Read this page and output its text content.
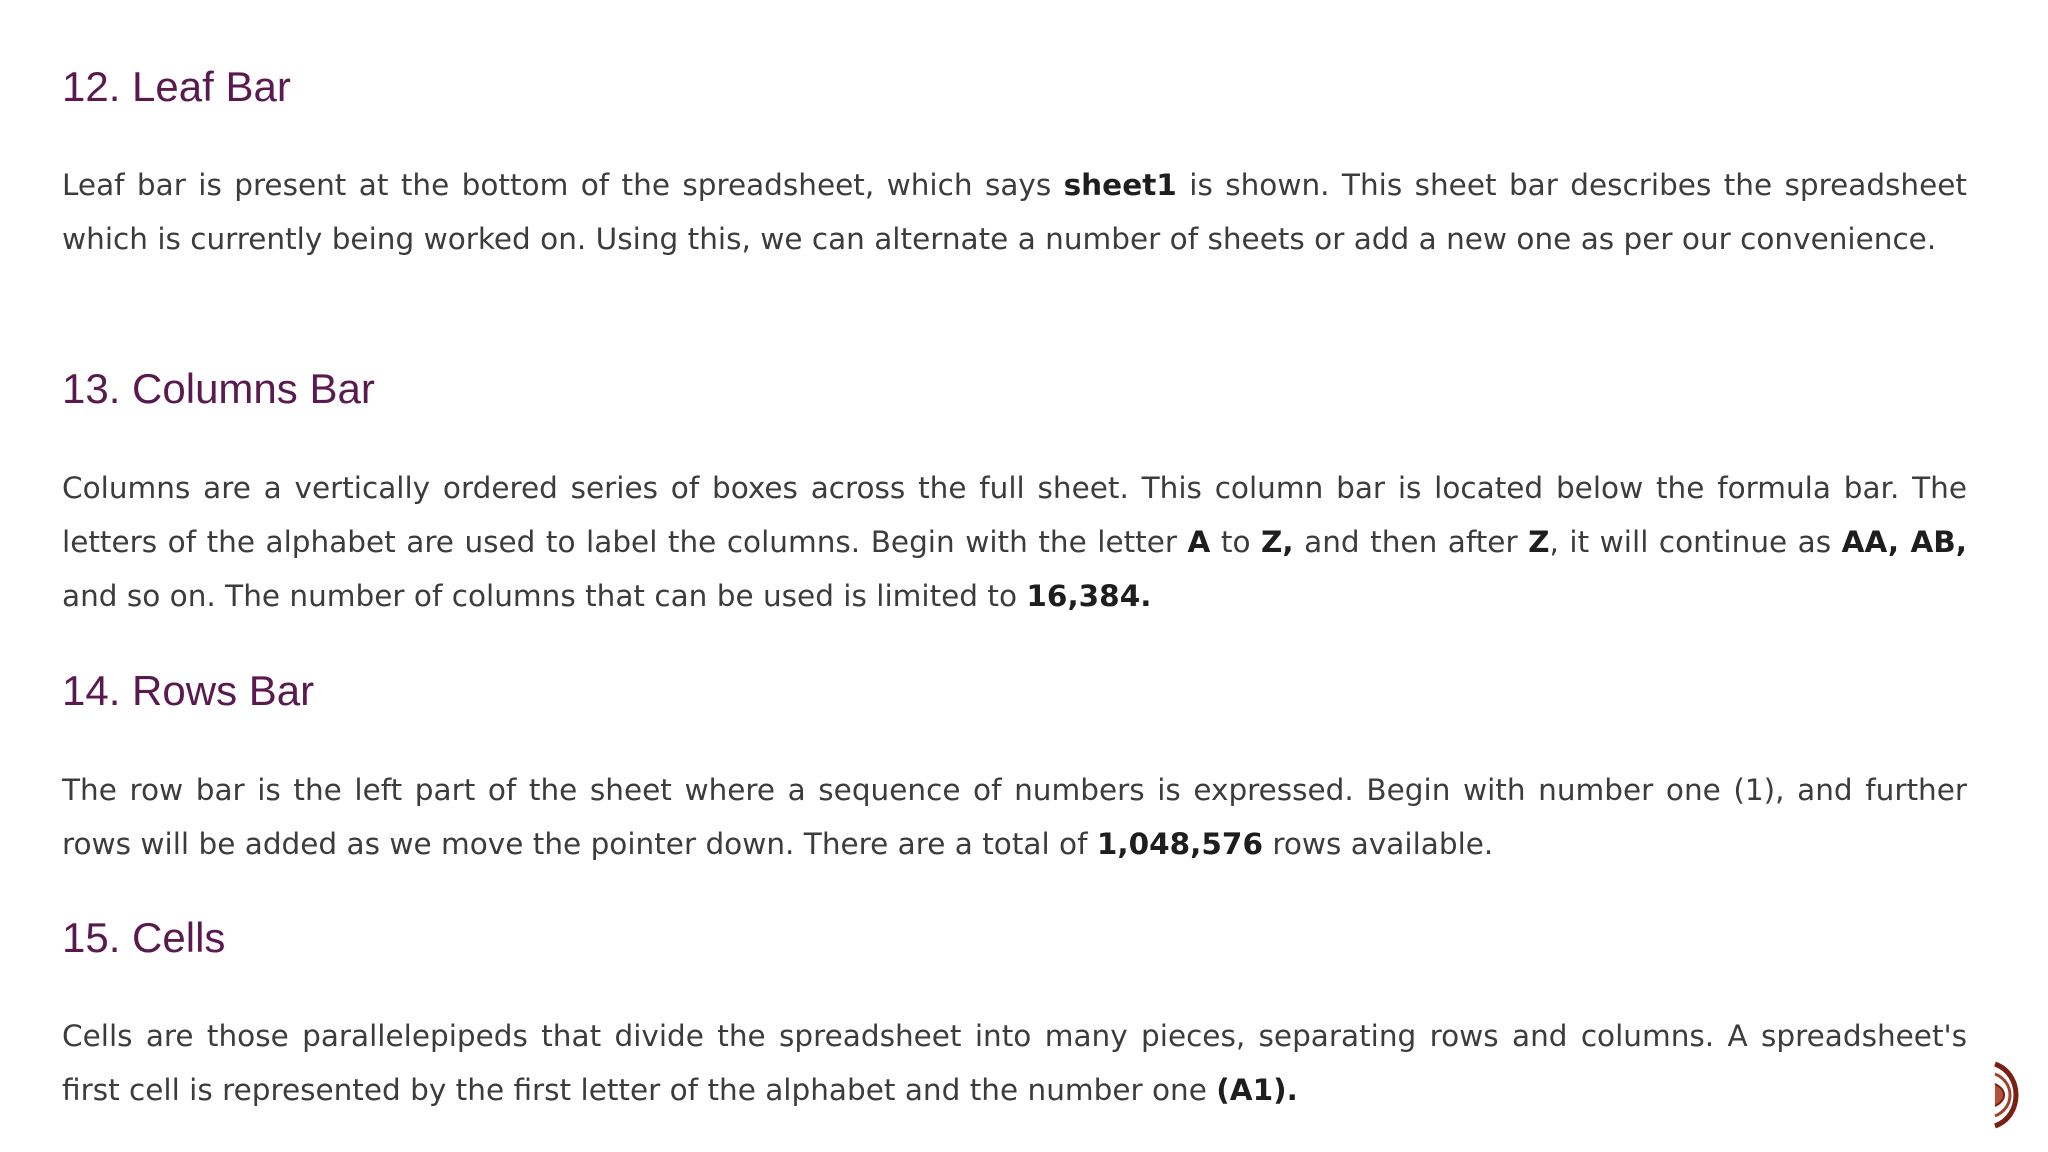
12. Leaf Bar

Leaf bar is present at the bottom of the spreadsheet, which says sheet1 is shown. This sheet bar describes the spreadsheet which is currently being worked on. Using this, we can alternate a number of sheets or add a new one as per our convenience.

13. Columns Bar

Columns are a vertically ordered series of boxes across the full sheet. This column bar is located below the formula bar. The letters of the alphabet are used to label the columns. Begin with the letter A to Z, and then after Z, it will continue as AA, AB, and so on. The number of columns that can be used is limited to 16,384.

14. Rows Bar

The row bar is the left part of the sheet where a sequence of numbers is expressed. Begin with number one (1), and further rows will be added as we move the pointer down. There are a total of 1,048,576 rows available.

15. Cells

Cells are those parallelepipeds that divide the spreadsheet into many pieces, separating rows and columns. A spreadsheet's first cell is represented by the first letter of the alphabet and the number one (A1).
